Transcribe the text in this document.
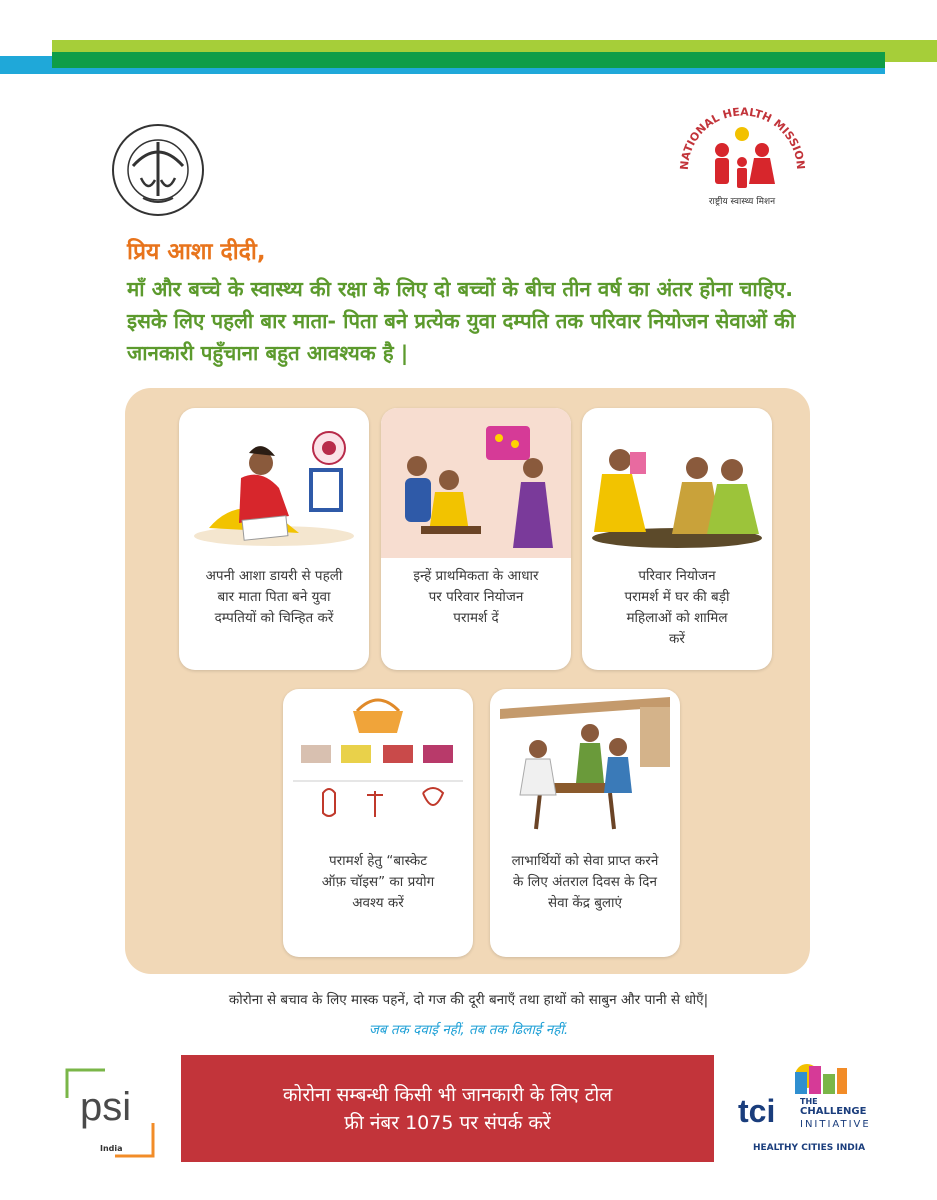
NATIONAL HEALTH MISSION
राष्ट्रीय स्वास्थ्य मिशन
प्रिय आशा दीदी,

माँ और बच्चे के स्वास्थ्य की रक्षा के लिए दो बच्चों के बीच तीन वर्ष का अंतर होना चाहिए. इसके लिए पहली बार माता- पिता बने प्रत्येक युवा दम्पति तक परिवार नियोजन सेवाओं की जानकारी पहुँचाना बहुत आवश्यक है |

अपनी आशा डायरी से पहली
बार माता पिता बने युवा
दम्पतियों को चिन्हित करें
इन्हें प्राथमिकता के आधार
पर परिवार नियोजन
परामर्श दें
परिवार नियोजन
परामर्श में घर की बड़ी
महिलाओं को शामिल
करें
परामर्श हेतु “बास्केट
ऑफ़ चॉइस” का प्रयोग
अवश्य करें
लाभार्थियों को सेवा प्राप्त करने
के लिए अंतराल दिवस के दिन
सेवा केंद्र बुलाएं
कोरोना से बचाव के लिए मास्क पहनें, दो गज की दूरी बनाएँ तथा हाथों को साबुन और पानी से धोएँ|
जब तक दवाई नहीं, तब तक ढिलाई नहीं.
कोरोना सम्बन्धी किसी भी जानकारी के लिए टोल
फ्री नंबर 1075 पर संपर्क करें
psi
India
tci	THE
CHALLENGE
INITIATIVE
HEALTHY CITIES INDIA
